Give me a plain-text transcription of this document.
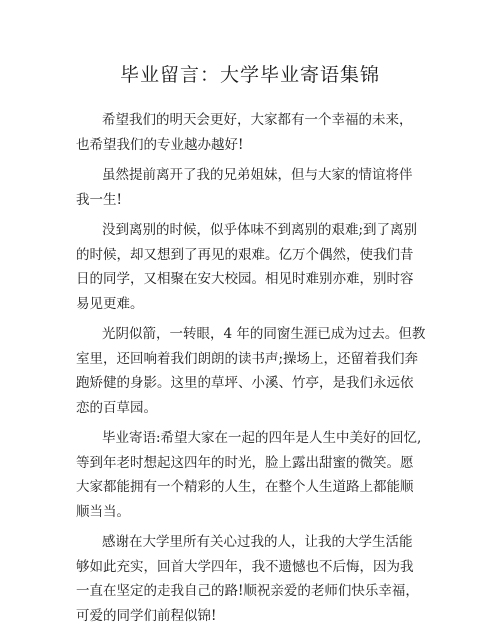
毕业留言：大学毕业寄语集锦
希望我们的明天会更好，大家都有一个幸福的未来，
也希望我们的专业越办越好!
虽然提前离开了我的兄弟姐妹，但与大家的情谊将伴
我一生!
没到离别的时候，似乎体味不到离别的艰难;到了离别
的时候，却又想到了再见的艰难。亿万个偶然，使我们昔
日的同学，又相聚在安大校园。相见时难别亦难，别时容
易见更难。
光阴似箭，一转眼，4 年的同窗生涯已成为过去。但教
室里，还回响着我们朗朗的读书声;操场上，还留着我们奔
跑矫健的身影。这里的草坪、小溪、竹亭，是我们永远依
恋的百草园。
毕业寄语:希望大家在一起的四年是人生中美好的回忆,
等到年老时想起这四年的时光，脸上露出甜蜜的微笑。愿
大家都能拥有一个精彩的人生，在整个人生道路上都能顺
顺当当。
感谢在大学里所有关心过我的人，让我的大学生活能
够如此充实，回首大学四年，我不遗憾也不后悔，因为我
一直在坚定的走我自己的路!顺祝亲爱的老师们快乐幸福，
可爱的同学们前程似锦!
